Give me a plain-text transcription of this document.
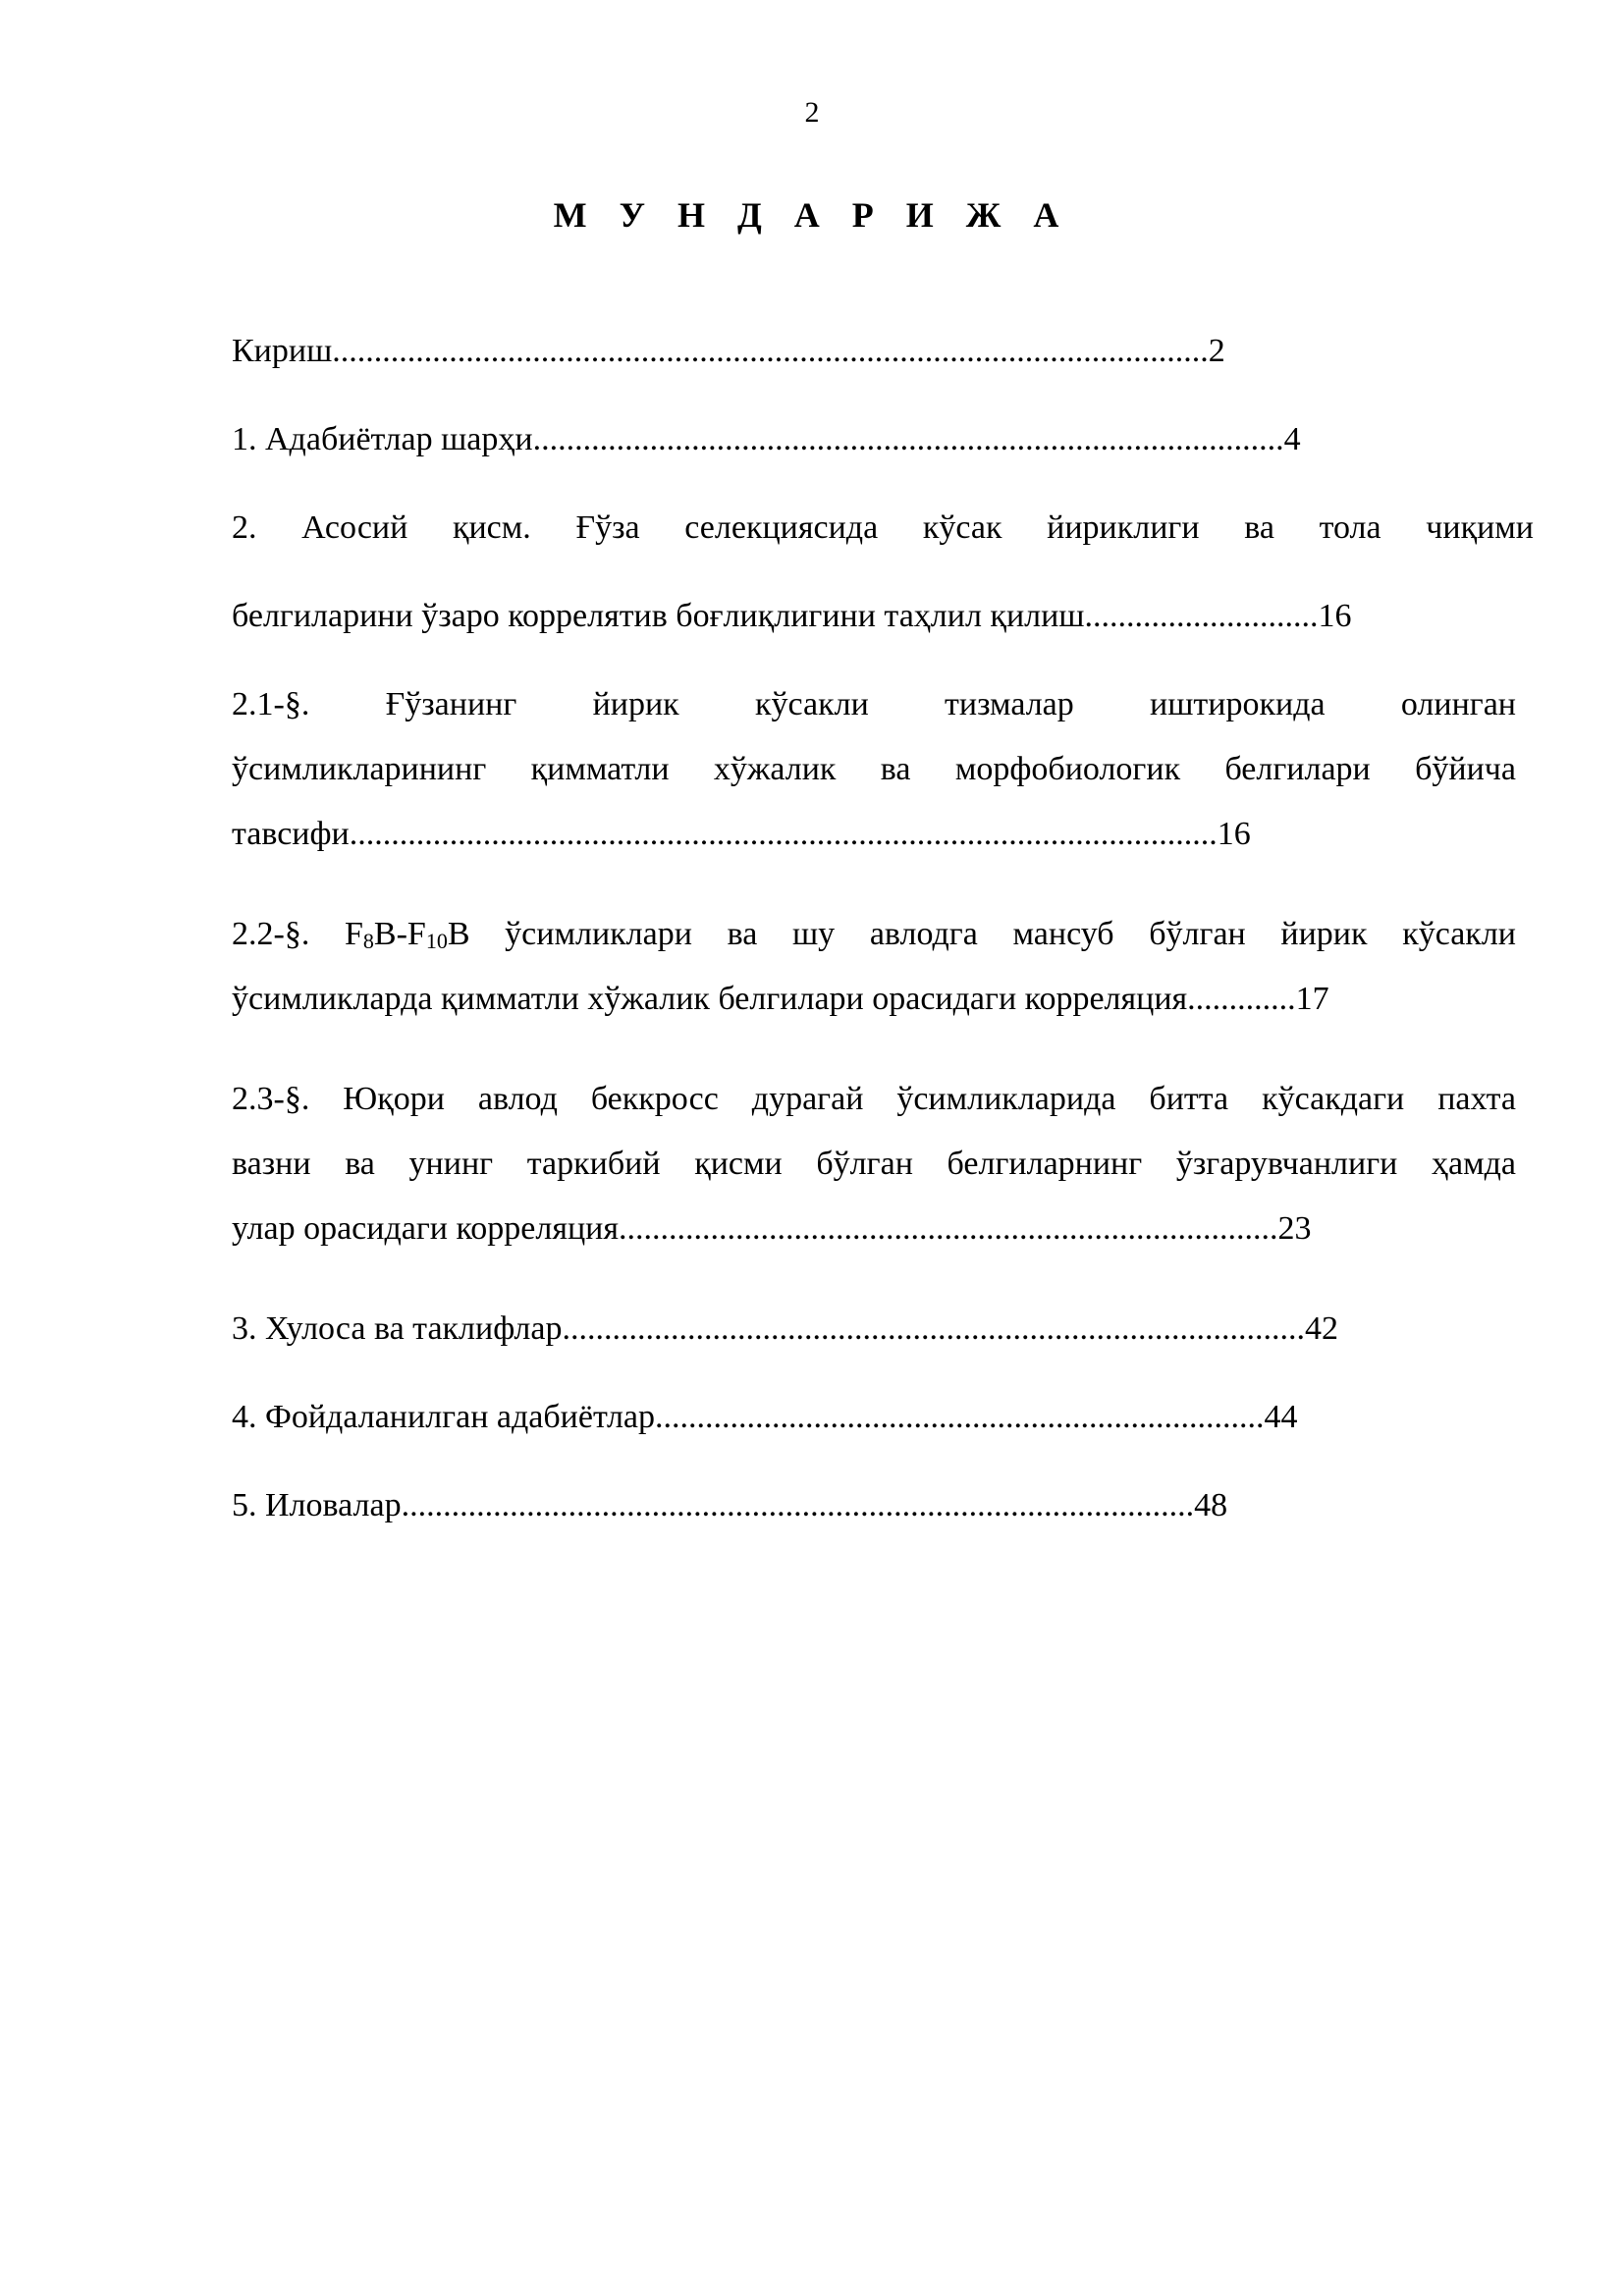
2
М У Н Д А Р И Ж А
Кириш.........................................................................................................2
1. Адабиётлар шарҳи..........................................................................................4
2. Асосий қисм. Ғўза селекциясида кўсак йириклиги ва тола чиқими
белгиларини ўзаро коррелятив боғлиқлигини таҳлил қилиш............................16
2.1-§. Ғўзанинг йирик кўсакли тизмалар иштирокида олинган
ўсимликларининг қимматли хўжалик ва морфобиологик белгилари бўйича
тавсифи........................................................................................................16
2.2-§. $F_8B-F_{10}B$ ўсимликлари ва шу авлодга мансуб бўлган йирик кўсакли
ўсимликларда қимматли хўжалик белгилари орасидаги корреляция.............17
2.3-§. Юқори авлод беккросс дурагай ўсимликларида битта кўсакдаги пахта
вазни ва унинг таркибий қисми бўлган белгиларнинг ўзгарувчанлиги ҳамда
улар орасидаги корреляция...............................................................................23
3. Хулоса ва таклифлар.........................................................................................42
4. Фойдаланилган адабиётлар.........................................................................44
5. Иловалар...............................................................................................48
